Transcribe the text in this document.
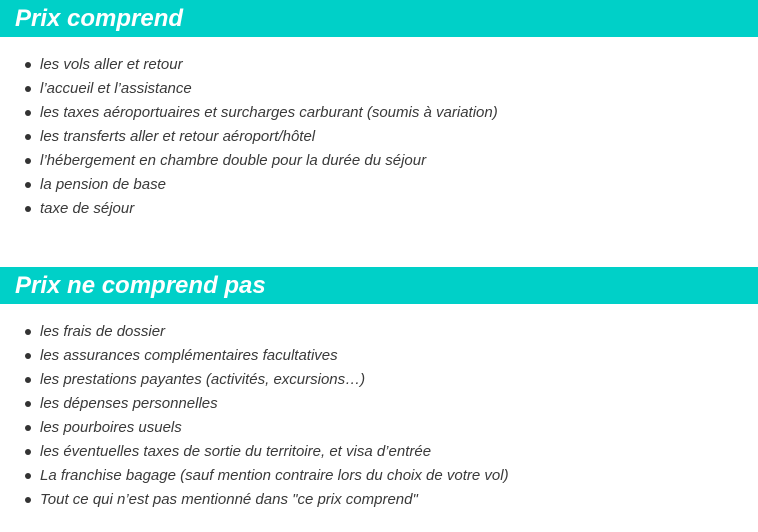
Prix comprend
les vols aller et retour
l’accueil et l’assistance
les taxes aéroportuaires et surcharges carburant (soumis à variation)
les transferts aller et retour aéroport/hôtel
l’hébergement en chambre double pour la durée du séjour
la pension de base
taxe de séjour
Prix ne comprend pas
les frais de dossier
les assurances complémentaires facultatives
les prestations payantes (activités, excursions…)
les dépenses personnelles
les pourboires usuels
les éventuelles taxes de sortie du territoire, et visa d’entrée
La franchise bagage (sauf mention contraire lors du choix de votre vol)
Tout ce qui n’est pas mentionné dans "ce prix comprend"
